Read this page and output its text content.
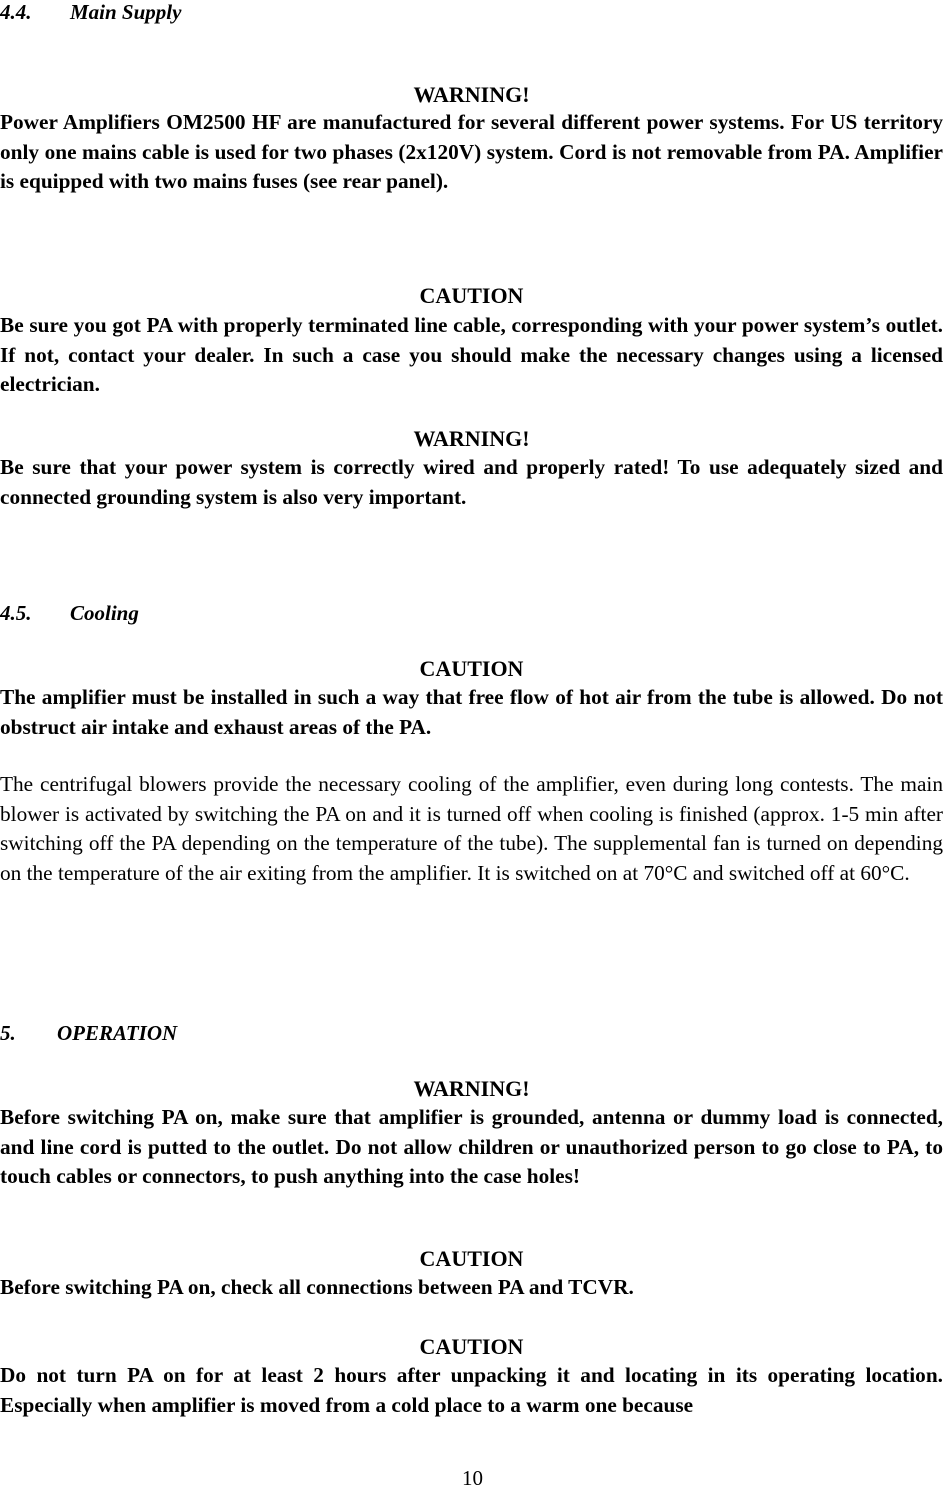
4.4. Main Supply
WARNING!

Power Amplifiers OM2500 HF are manufactured for several different power systems. For US territory only one mains cable is used for two phases (2x120V) system. Cord is not removable from PA. Amplifier is equipped with two mains fuses (see rear panel).

CAUTION

Be sure you got PA with properly terminated line cable, corresponding with your power system’s outlet. If not, contact your dealer. In such a case you should make the necessary changes using a licensed electrician.

WARNING!

Be sure that your power system is correctly wired and properly rated! To use adequately sized and connected grounding system is also very important.

4.5. Cooling
CAUTION

The amplifier must be installed in such a way that free flow of hot air from the tube is allowed. Do not obstruct air intake and exhaust areas of the PA.

The centrifugal blowers provide the necessary cooling of the amplifier, even during long contests. The main blower is activated by switching the PA on and it is turned off when cooling is finished (approx. 1-5 min after switching off the PA depending on the temperature of the tube). The supplemental fan is turned on depending on the temperature of the air exiting from the amplifier. It is switched on at 70°C and switched off at 60°C.

5. OPERATION
WARNING!

Before switching PA on, make sure that amplifier is grounded, antenna or dummy load is connected, and line cord is putted to the outlet. Do not allow children or unauthorized person to go close to PA, to touch cables or connectors, to push anything into the case holes!

CAUTION

Before switching PA on, check all connections between PA and TCVR.

CAUTION

Do not turn PA on for at least 2 hours after unpacking it and locating in its operating location. Especially when amplifier is moved from a cold place to a warm one because

10
